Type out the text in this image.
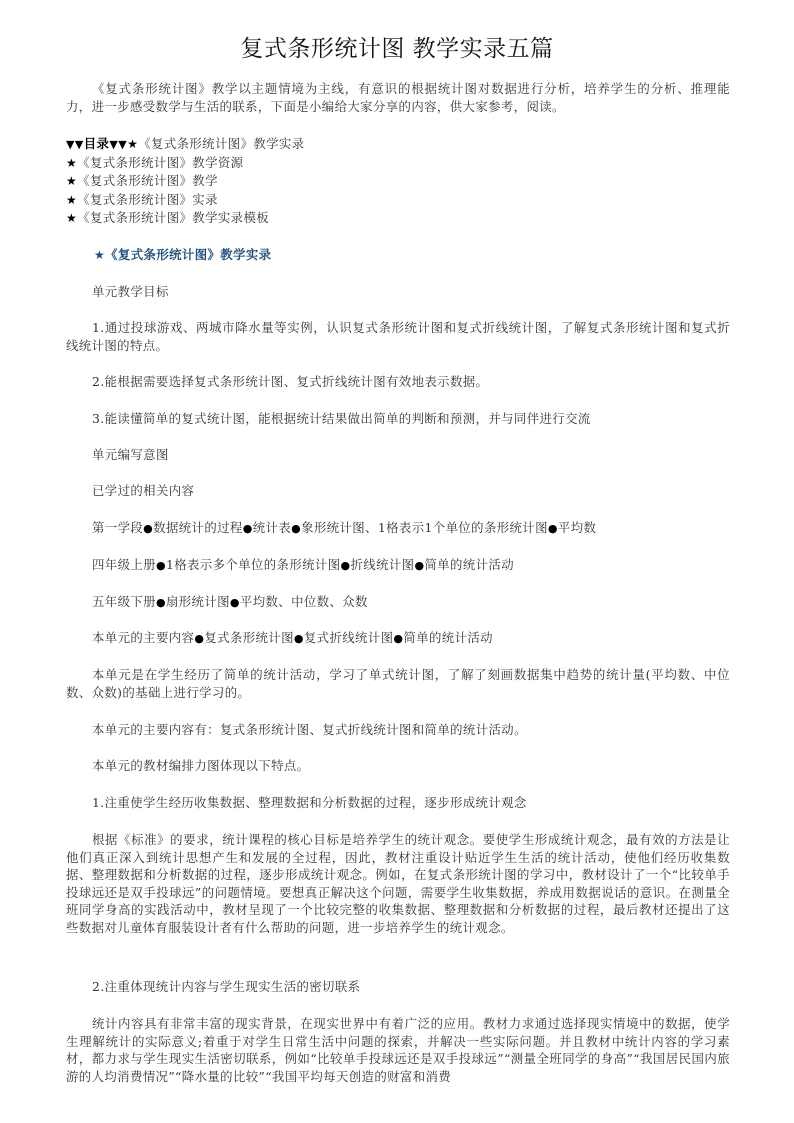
复式条形统计图 教学实录五篇

《复式条形统计图》教学以主题情境为主线，有意识的根据统计图对数据进行分析，培养学生的分析、推理能力，进一步感受数学与生活的联系，下面是小编给大家分享的内容，供大家参考，阅读。

▼▼目录▼▼★《复式条形统计图》教学实录
★《复式条形统计图》教学资源
★《复式条形统计图》教学
★《复式条形统计图》实录
★《复式条形统计图》教学实录模板
★《复式条形统计图》教学实录

单元教学目标

1.通过投球游戏、两城市降水量等实例，认识复式条形统计图和复式折线统计图，了解复式条形统计图和复式折线统计图的特点。

2.能根据需要选择复式条形统计图、复式折线统计图有效地表示数据。

3.能读懂简单的复式统计图，能根据统计结果做出简单的判断和预测，并与同伴进行交流

单元编写意图

已学过的相关内容

第一学段●数据统计的过程●统计表●象形统计图、1格表示1个单位的条形统计图●平均数

四年级上册●1格表示多个单位的条形统计图●折线统计图●简单的统计活动

五年级下册●扇形统计图●平均数、中位数、众数

本单元的主要内容●复式条形统计图●复式折线统计图●简单的统计活动

本单元是在学生经历了简单的统计活动，学习了单式统计图，了解了刻画数据集中趋势的统计量(平均数、中位数、众数)的基础上进行学习的。

本单元的主要内容有：复式条形统计图、复式折线统计图和简单的统计活动。

本单元的教材编排力图体现以下特点。

1.注重使学生经历收集数据、整理数据和分析数据的过程，逐步形成统计观念

根据《标准》的要求，统计课程的核心目标是培养学生的统计观念。要使学生形成统计观念，最有效的方法是让他们真正深入到统计思想产生和发展的全过程，因此，教材注重设计贴近学生生活的统计活动，使他们经历收集数据、整理数据和分析数据的过程，逐步形成统计观念。例如，在复式条形统计图的学习中，教材设计了一个“比较单手投球远还是双手投球远”的问题情境。要想真正解决这个问题，需要学生收集数据，养成用数据说话的意识。在测量全班同学身高的实践活动中，教材呈现了一个比较完整的收集数据、整理数据和分析数据的过程，最后教材还提出了这些数据对儿童体育服装设计者有什么帮助的问题，进一步培养学生的统计观念。

2.注重体现统计内容与学生现实生活的密切联系

统计内容具有非常丰富的现实背景，在现实世界中有着广泛的应用。教材力求通过选择现实情境中的数据，使学生理解统计的实际意义;着重于对学生日常生活中问题的探索，并解决一些实际问题。并且教材中统计内容的学习素材，都力求与学生现实生活密切联系，例如“比较单手投球远还是双手投球远”“测量全班同学的身高”“我国居民国内旅游的人均消费情况”“降水量的比较”“我国平均每天创造的财富和消费
